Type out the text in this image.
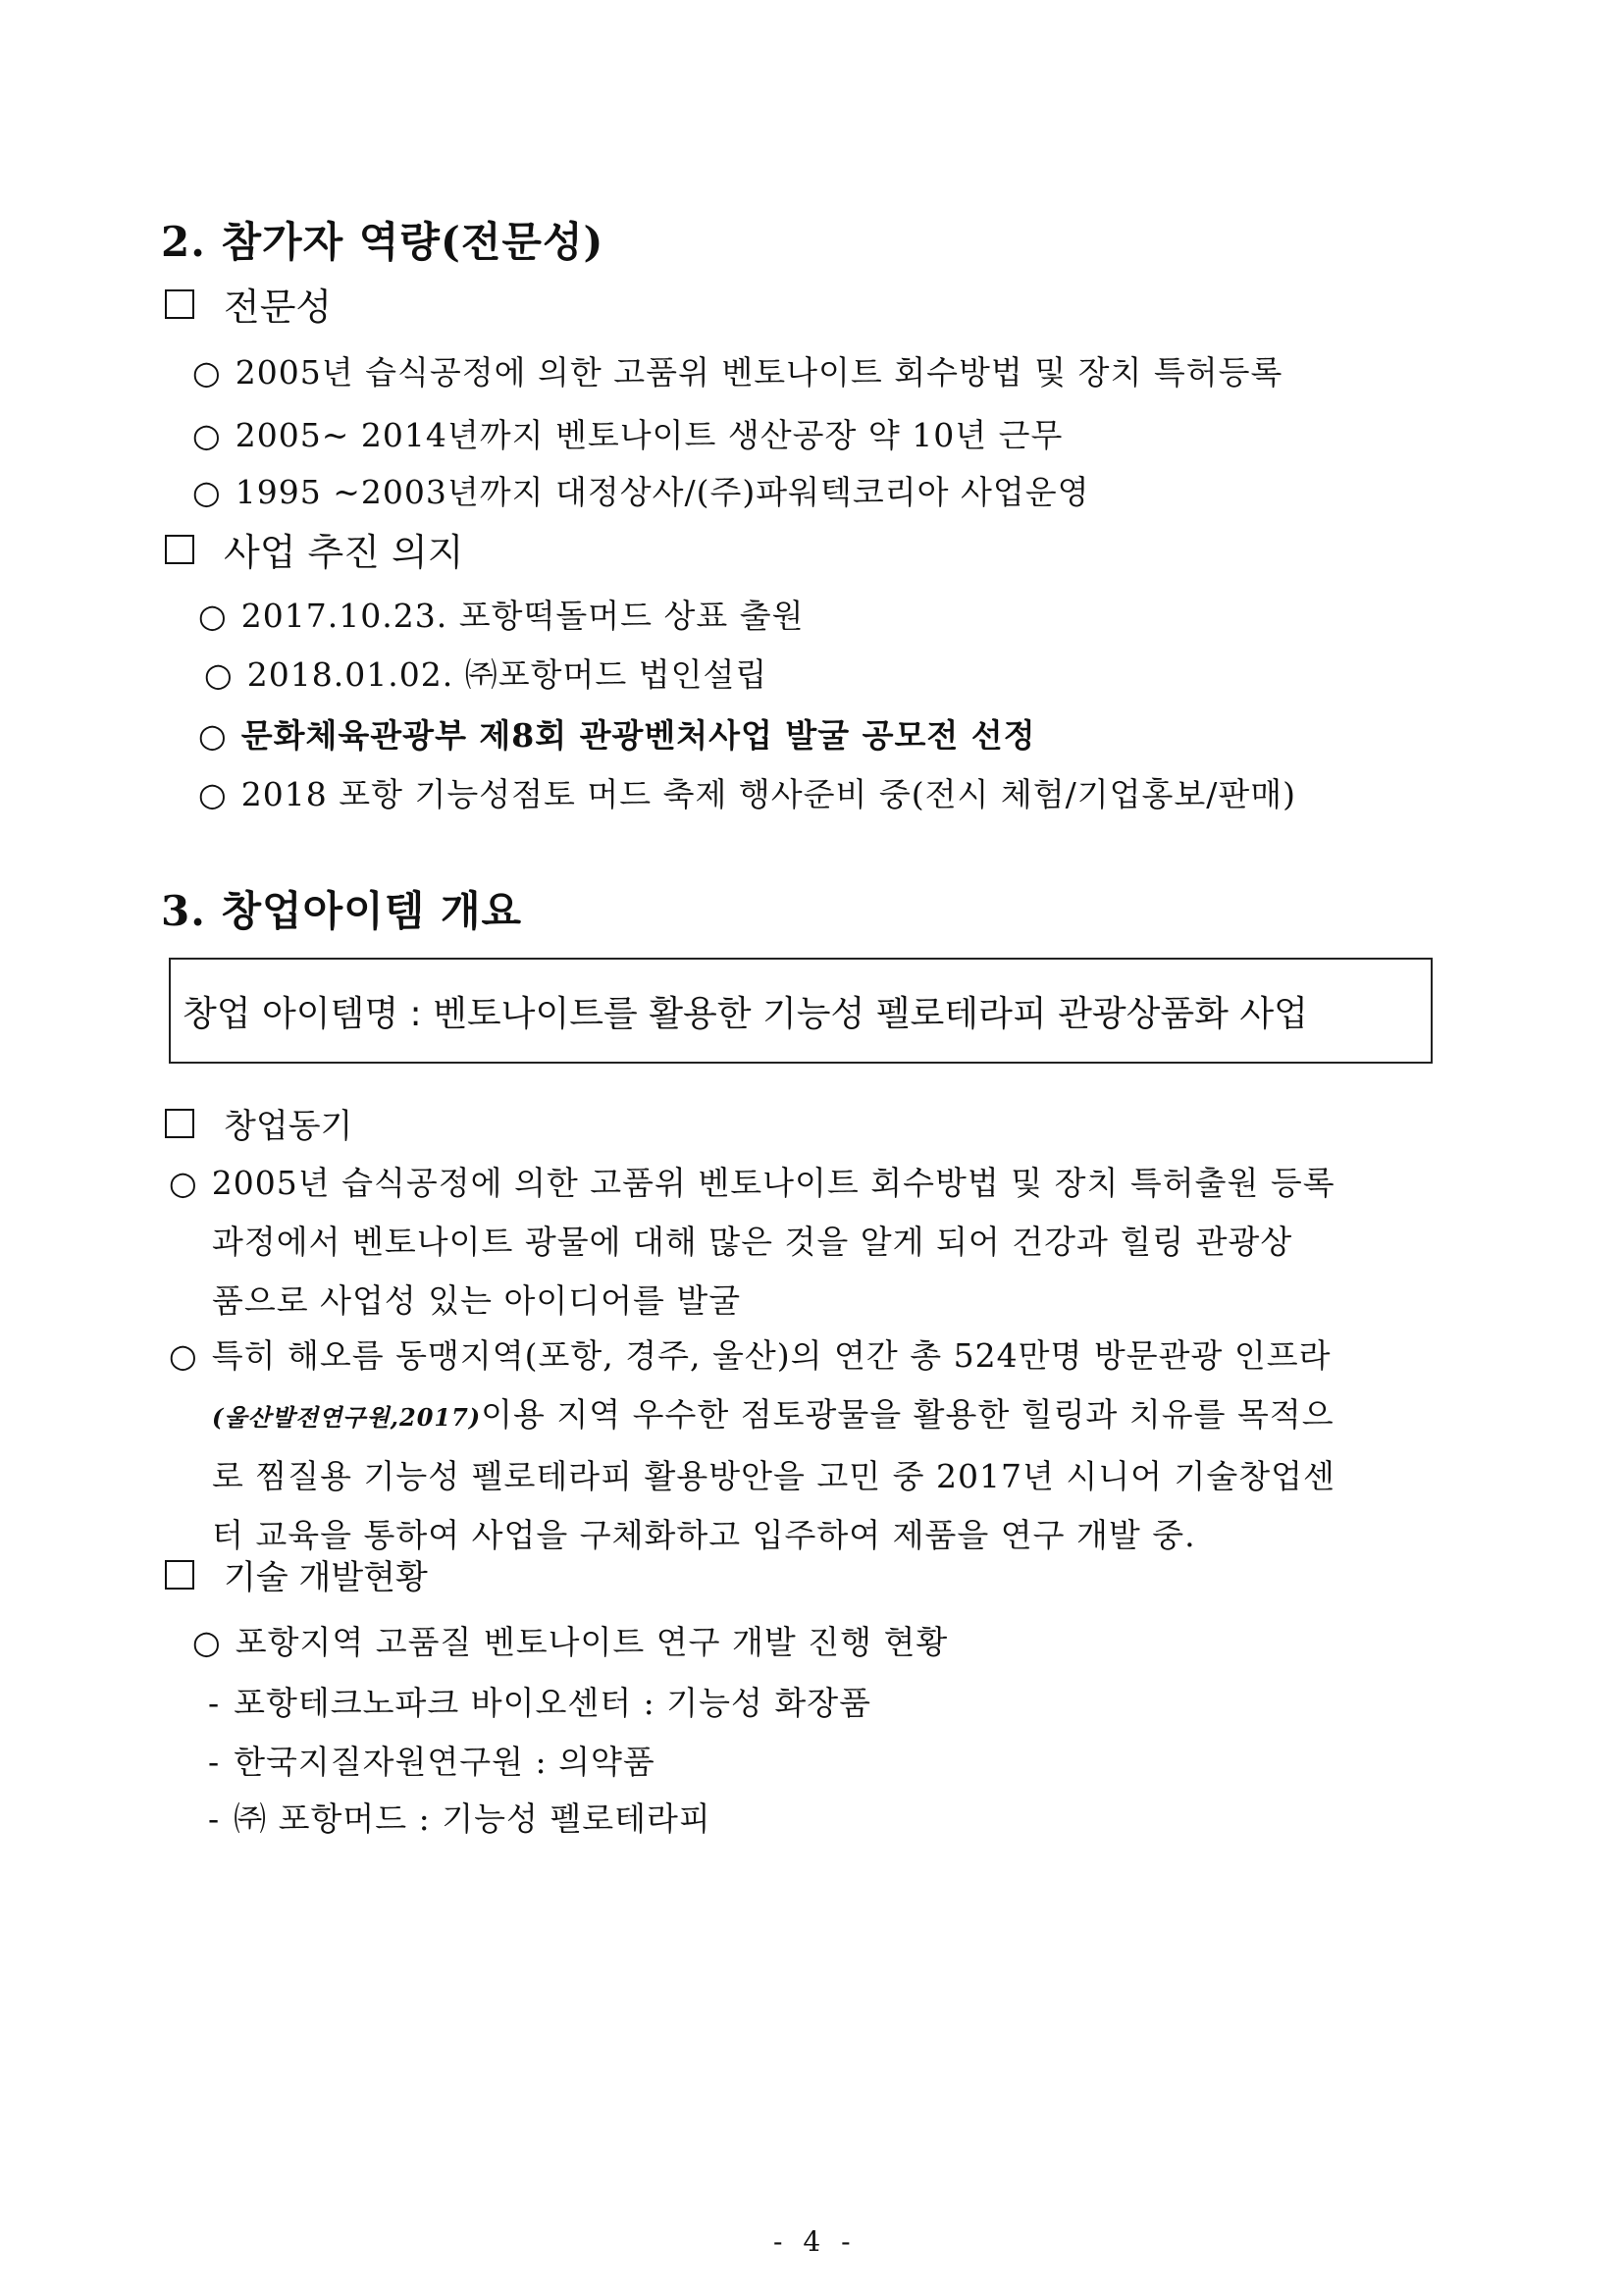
2. 참가자 역량(전문성)
전문성
○ 2005년 습식공정에 의한 고품위 벤토나이트 회수방법 및 장치 특허등록
○ 2005~ 2014년까지 벤토나이트 생산공장 약 10년 근무
○ 1995 ~2003년까지 대정상사/(주)파워텍코리아 사업운영
사업 추진 의지
○ 2017.10.23. 포항떡돌머드 상표 출원
○ 2018.01.02. ㈜포항머드 법인설립
○ 문화체육관광부 제8회 관광벤처사업 발굴 공모전 선정
○ 2018 포항 기능성점토 머드 축제 행사준비 중(전시 체험/기업홍보/판매)
3. 창업아이템 개요
창업 아이템명 : 벤토나이트를 활용한 기능성 펠로테라피 관광상품화 사업
창업동기
○ 2005년 습식공정에 의한 고품위 벤토나이트 회수방법 및 장치 특허출원 등록
과정에서 벤토나이트 광물에 대해 많은 것을 알게 되어 건강과 힐링 관광상
품으로 사업성 있는 아이디어를 발굴
○ 특히 해오름 동맹지역(포항, 경주, 울산)의 연간 총 524만명 방문관광 인프라
(울산발전연구원,2017)이용 지역 우수한 점토광물을 활용한 힐링과 치유를 목적으
로 찜질용 기능성 펠로테라피 활용방안을 고민 중 2017년 시니어 기술창업센
터 교육을 통하여 사업을 구체화하고 입주하여 제품을 연구 개발 중.
기술 개발현황
○ 포항지역 고품질 벤토나이트 연구 개발 진행 현황
- 포항테크노파크 바이오센터 : 기능성 화장품
- 한국지질자원연구원 : 의약품
- ㈜ 포항머드 : 기능성 펠로테라피
- 4 -
